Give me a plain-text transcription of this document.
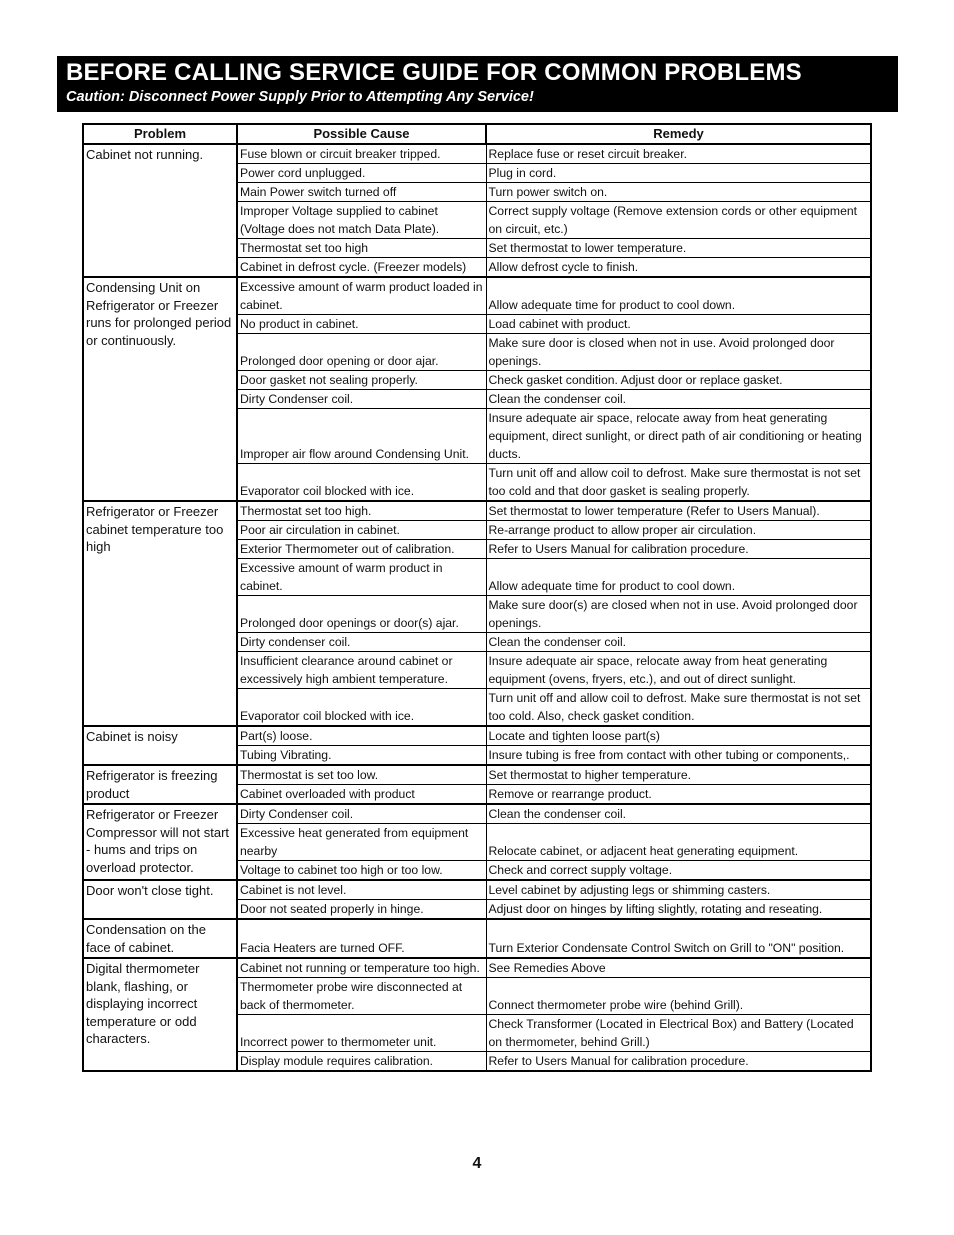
BEFORE CALLING SERVICE GUIDE FOR COMMON PROBLEMS
Caution: Disconnect Power Supply Prior to Attempting Any Service!
Problem	Possible Cause	Remedy
Cabinet not running.	Fuse blown or circuit breaker tripped.	Replace fuse or reset circuit breaker.
	Power cord unplugged.	Plug in cord.
	Main Power switch turned off	Turn power switch on.
	Improper Voltage supplied to cabinet (Voltage does not match Data Plate).	Correct supply voltage (Remove extension cords or other equipment on circuit, etc.)
	Thermostat set too high	Set thermostat to lower temperature.
	Cabinet in defrost cycle. (Freezer models)	Allow defrost cycle to finish.
Condensing Unit on Refrigerator or Freezer runs for prolonged period or continuously.	Excessive amount of warm product loaded in cabinet.	Allow adequate time for product to cool down.
	No product in cabinet.	Load cabinet with product.
	Prolonged door opening or door ajar.	Make sure door is closed when not in use. Avoid prolonged door openings.
	Door gasket not sealing properly.	Check gasket condition. Adjust door or replace gasket.
	Dirty Condenser coil.	Clean the condenser coil.
	Improper air flow around Condensing Unit.	Insure adequate air space, relocate away from heat generating equipment, direct sunlight, or direct path of air conditioning or heating ducts.
	Evaporator coil blocked with ice.	Turn unit off and allow coil to defrost. Make sure thermostat is not set too cold and that door gasket is sealing properly.
Refrigerator or Freezer cabinet temperature too high	Thermostat set too high.	Set thermostat to lower temperature (Refer to Users Manual).
	Poor air circulation in cabinet.	Re-arrange product to allow proper air circulation.
	Exterior Thermometer out of calibration.	Refer to Users Manual for calibration procedure.
	Excessive amount of warm product in cabinet.	Allow adequate time for product to cool down.
	Prolonged door openings or door(s) ajar.	Make sure door(s) are closed when not in use. Avoid prolonged door openings.
	Dirty condenser coil.	Clean the condenser coil.
	Insufficient clearance around cabinet or excessively high ambient temperature.	Insure adequate air space, relocate away from heat generating equipment (ovens, fryers, etc.), and out of direct sunlight.
	Evaporator coil blocked with ice.	Turn unit off and allow coil to defrost. Make sure thermostat is not set too cold. Also, check gasket condition.
Cabinet is noisy	Part(s) loose.	Locate and tighten loose part(s)
	Tubing Vibrating.	Insure tubing is free from contact with other tubing or components,.
Refrigerator is freezing product	Thermostat is set too low.	Set thermostat to higher temperature.
	Cabinet overloaded with product	Remove or rearrange product.
Refrigerator or Freezer Compressor will not start - hums and trips on overload protector.	Dirty Condenser coil.	Clean the condenser coil.
	Excessive heat generated from equipment nearby	Relocate cabinet, or adjacent heat generating equipment.
	Voltage to cabinet too high or too low.	Check and correct supply voltage.
Door won't close tight.	Cabinet is not level.	Level cabinet by adjusting legs or shimming casters.
	Door not seated properly in hinge.	Adjust door on hinges by lifting slightly, rotating and reseating.
Condensation on the face of cabinet.	Facia Heaters are turned OFF.	Turn Exterior Condensate Control Switch on Grill to "ON" position.
Digital thermometer blank, flashing, or displaying incorrect temperature or odd characters.	Cabinet not running or temperature too high.	See Remedies Above
	Thermometer probe wire disconnected at back of thermometer.	Connect thermometer probe wire (behind Grill).
	Incorrect power to thermometer unit.	Check Transformer (Located in Electrical Box) and Battery (Located on thermometer, behind Grill.)
	Display module requires calibration.	Refer to Users Manual for calibration procedure.
4
